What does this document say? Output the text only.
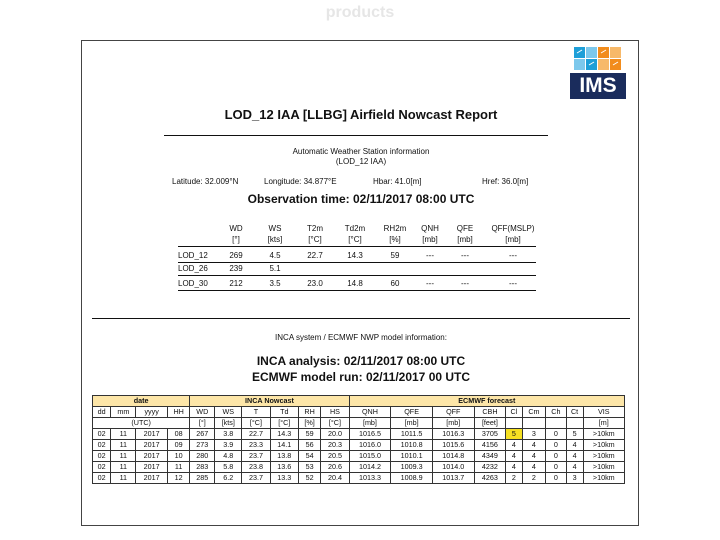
products
IMS
LOD_12 IAA [LLBG] Airfield Nowcast Report
Automatic Weather Station information
(LOD_12 IAA)
Latitude: 32.009°N	Longitude: 34.877°E	Hbar: 41.0[m]	Href: 36.0[m]
Observation time: 02/11/2017 08:00 UTC
WD	WS	T2m	Td2m	RH2m	QNH	QFE	QFF(MSLP)
[°]	[kts]	[°C]	[°C]	[%]	[mb]	[mb]	[mb]
LOD_12	269	4.5	22.7	14.3	59	---	---	---
LOD_26	239	5.1
LOD_30	212	3.5	23.0	14.8	60	---	---	---
INCA system / ECMWF NWP model information:
INCA analysis: 02/11/2017 08:00 UTC
ECMWF model run: 02/11/2017 00 UTC
date				INCA Nowcast						ECMWF forecast								
dd	mm	yyyy	HH	WD	WS	T	Td	RH	HS	QNH	QFE	QFF	CBH	Cl	Cm	Ch	Ct	VIS
(UTC)				[°]	[kts]	[°C]	[°C]	[%]	[°C]	[mb]	[mb]	[mb]	[feet]					[m]
02	11	2017	08	267	3.8	22.7	14.3	59	20.0	1016.5	1011.5	1016.3	3705	5	3	0	5	>10km
02	11	2017	09	273	3.9	23.3	14.1	56	20.3	1016.0	1010.8	1015.6	4156	4	4	0	4	>10km
02	11	2017	10	280	4.8	23.7	13.8	54	20.5	1015.0	1010.1	1014.8	4349	4	4	0	4	>10km
02	11	2017	11	283	5.8	23.8	13.6	53	20.6	1014.2	1009.3	1014.0	4232	4	4	0	4	>10km
02	11	2017	12	285	6.2	23.7	13.3	52	20.4	1013.3	1008.9	1013.7	4263	2	2	0	3	>10km
